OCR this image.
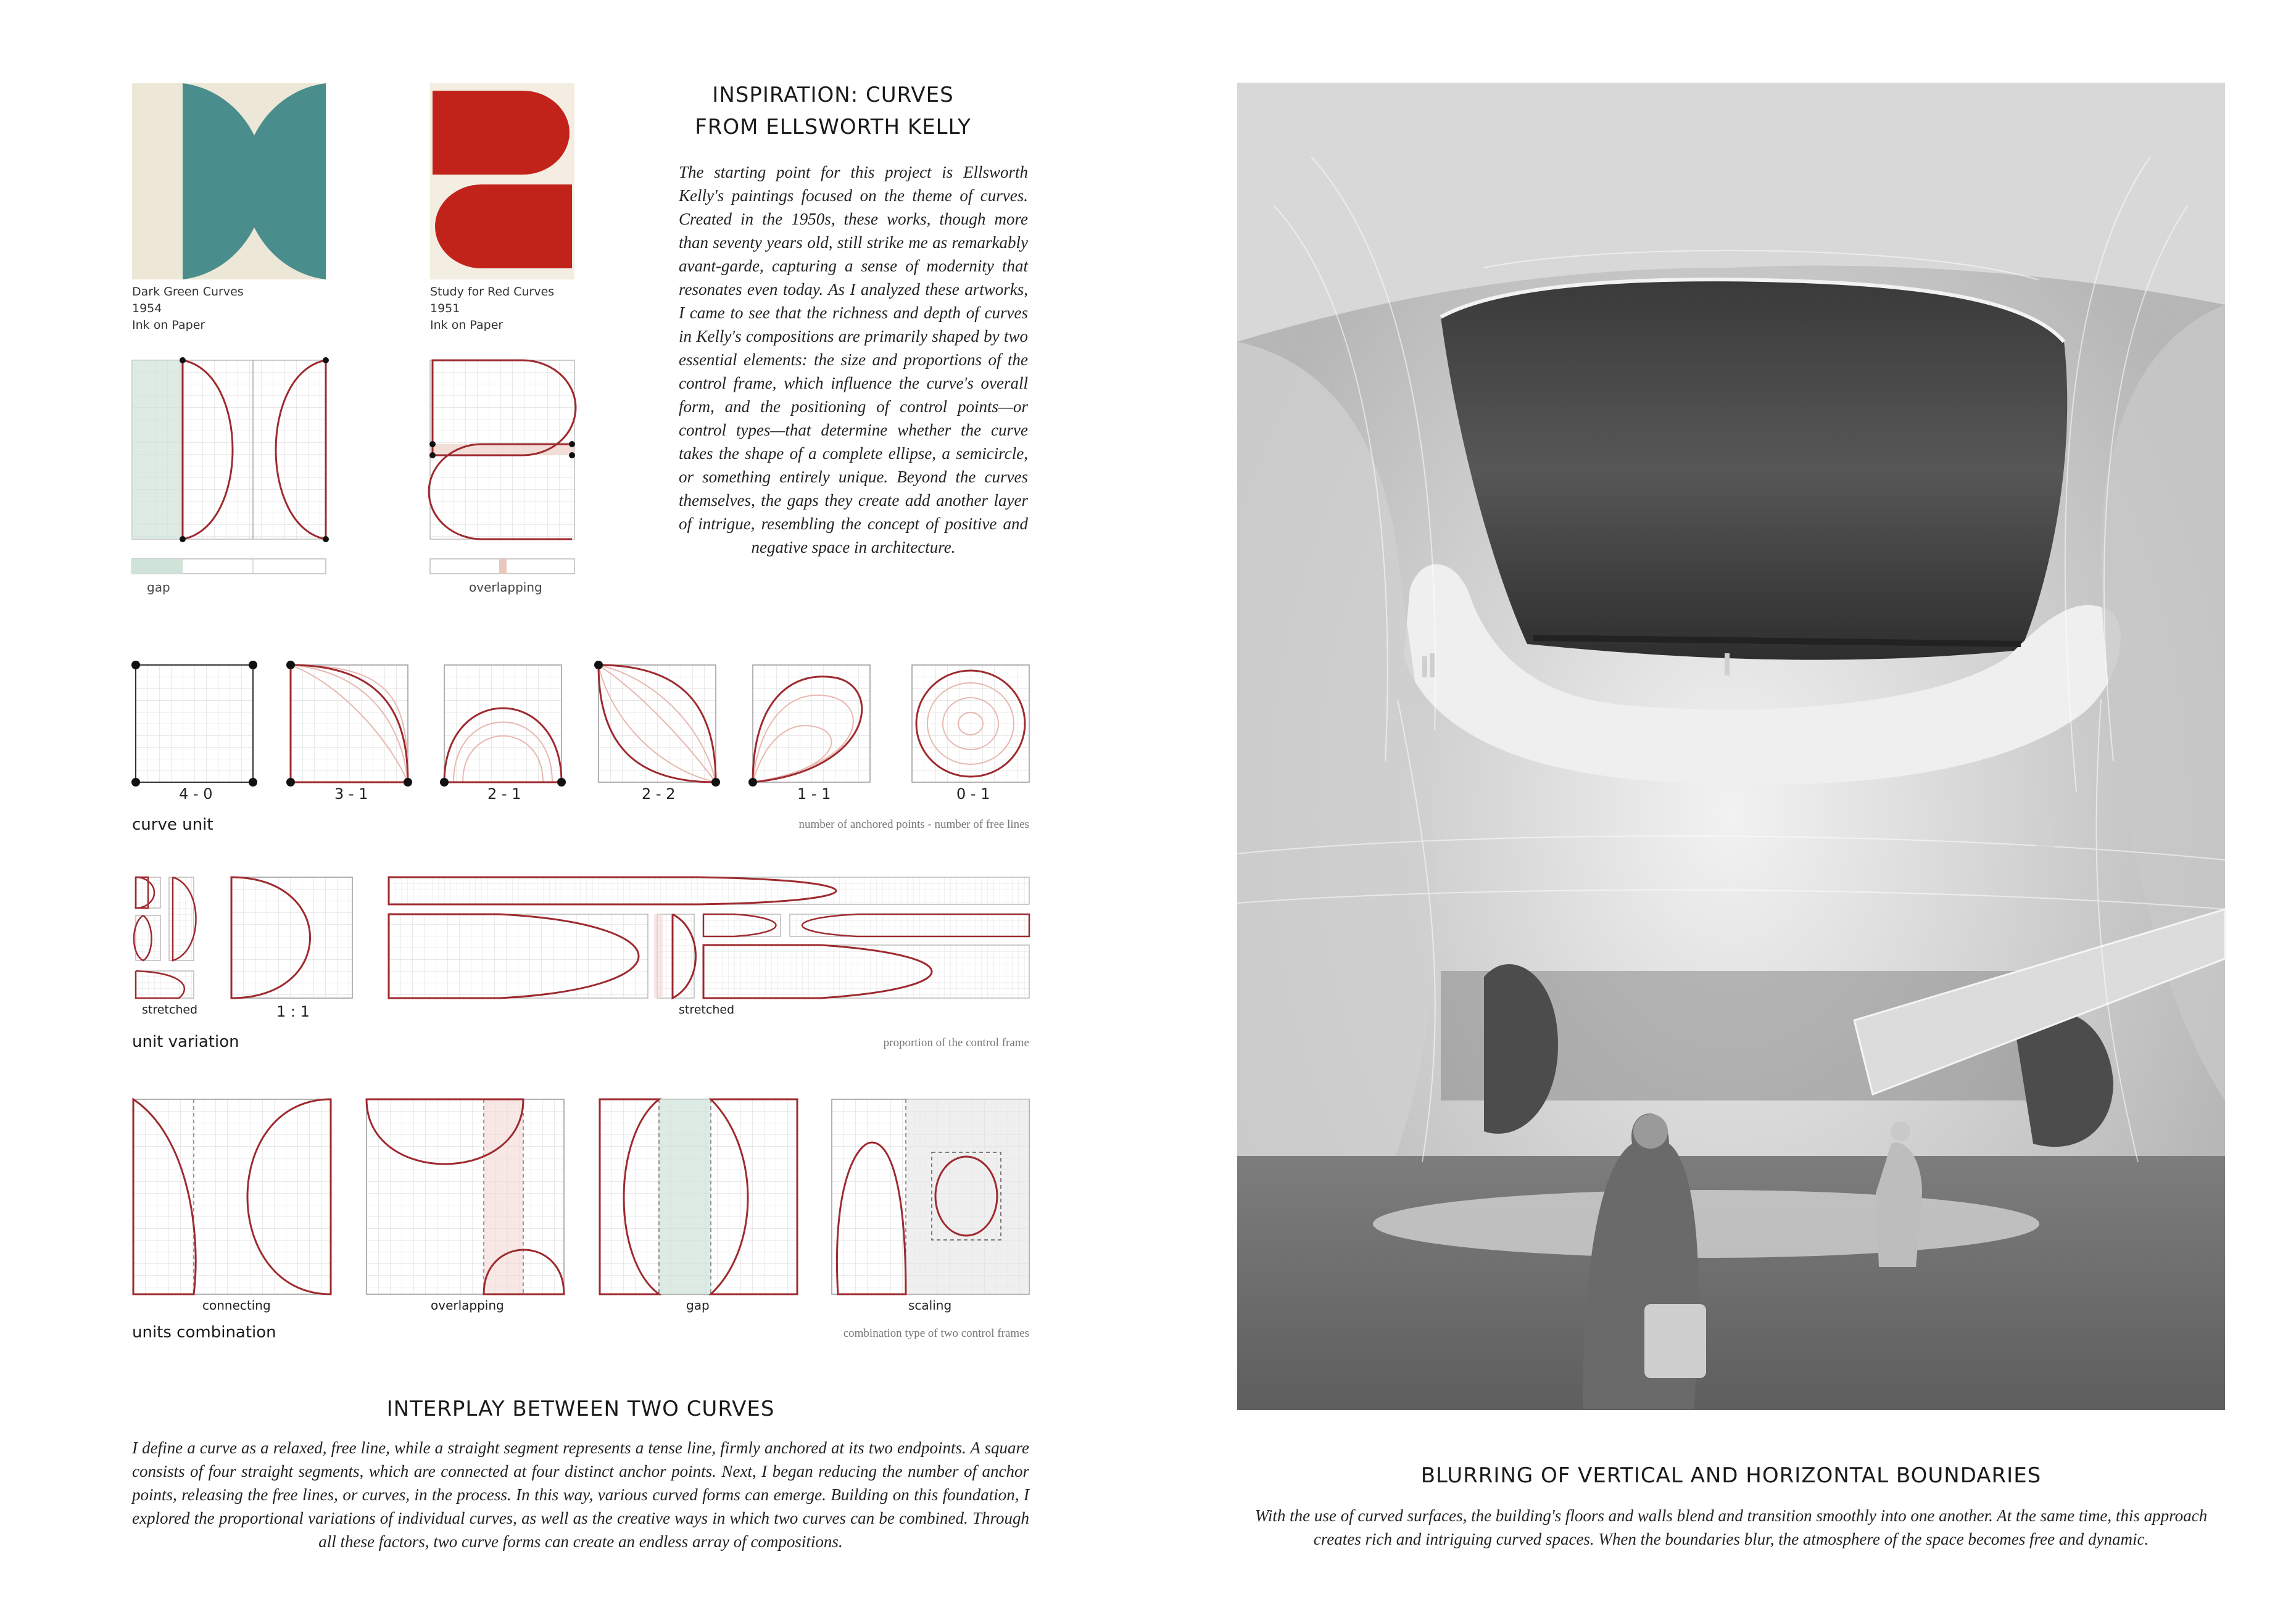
Dark Green Curves
1954
Ink on Paper
Study for Red Curves
1951
Ink on Paper
gap	overlapping
INSPIRATION: CURVES
FROM ELLSWORTH KELLY
The starting point for this project is Ellsworth Kelly's paintings focused on the theme of curves. Created in the 1950s, these works, though more than seventy years old, still strike me as remarkably avant-garde, capturing a sense of modernity that resonates even today. As I analyzed these artworks, I came to see that the richness and depth of curves in Kelly's compositions are primarily shaped by two essential elements: the size and proportions of the control frame, which influence the curve's overall form, and the positioning of control points—or control types—that determine whether the curve takes the shape of a complete ellipse, a semicircle, or something entirely unique. Beyond the curves themselves, the gaps they create add another layer of intrigue, resembling the concept of positive and negative space in architecture.
4 - 0	3 - 1	2 - 1	2 - 2	1 - 1	0 - 1
curve unit	number of anchored points - number of free lines
stretched	1 : 1	stretched
unit variation	proportion of the control frame
connecting	overlapping	gap	scaling
units combination	combination type of two control frames
INTERPLAY BETWEEN TWO CURVES
I define a curve as a relaxed, free line, while a straight segment represents a tense line, firmly anchored at its two endpoints. A square consists of four straight segments, which are connected at four distinct anchor points. Next, I began reducing the number of anchor points, releasing the free lines, or curves, in the process. In this way, various curved forms can emerge. Building on this foundation, I explored the proportional variations of individual curves, as well as the creative ways in which two curves can be combined. Through all these factors, two curve forms can create an endless array of compositions.
BLURRING OF VERTICAL AND HORIZONTAL BOUNDARIES
With the use of curved surfaces, the building's floors and walls blend and transition smoothly into one another. At the same time, this approach creates rich and intriguing curved spaces. When the boundaries blur, the atmosphere of the space becomes free and dynamic.
